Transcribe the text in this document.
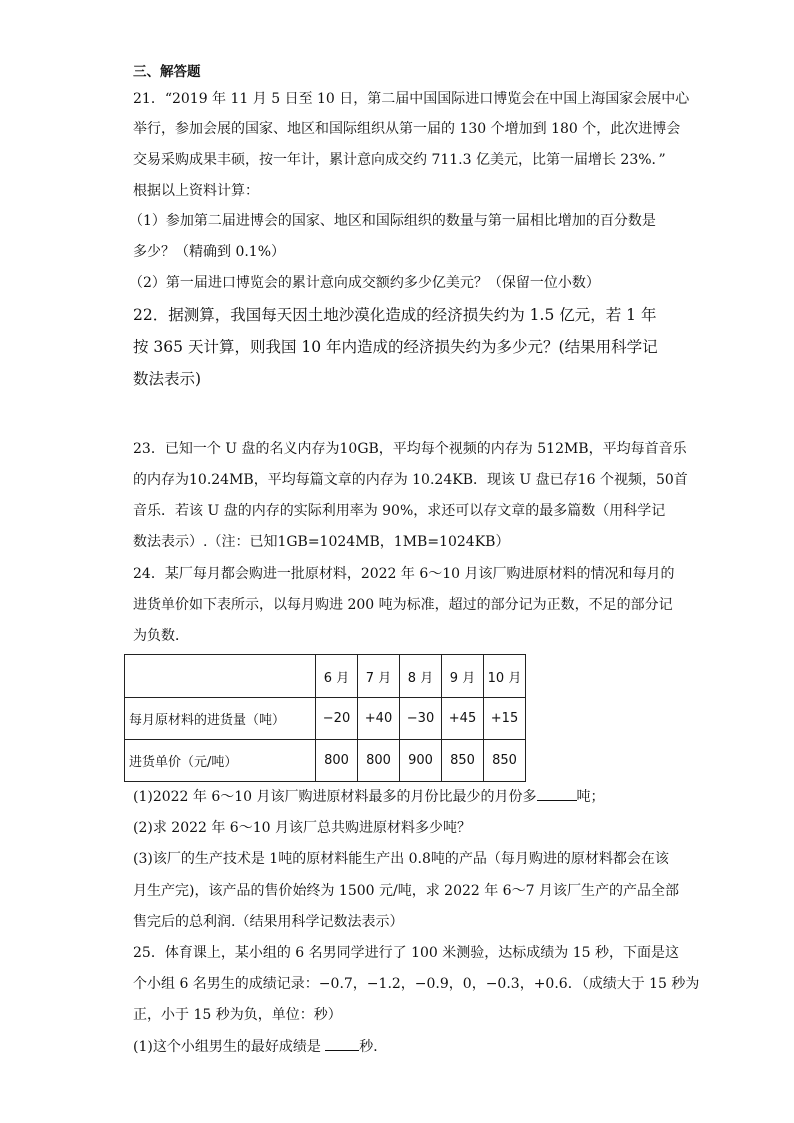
三、解答题
21．“2019 年 11 月 5 日至 10 日，第二届中国国际进口博览会在中国上海国家会展中心
举行，参加会展的国家、地区和国际组织从第一届的 130 个增加到 180 个，此次进博会
交易采购成果丰硕，按一年计，累计意向成交约 711.3 亿美元，比第一届增长 23%．”
根据以上资料计算：
（1）参加第二届进博会的国家、地区和国际组织的数量与第一届相比增加的百分数是
多少？（精确到 0.1%）
（2）第一届进口博览会的累计意向成交额约多少亿美元？（保留一位小数）
22．据测算，我国每天因土地沙漠化造成的经济损失约为 1.5 亿元，若 1 年
按 365 天计算，则我国 10 年内造成的经济损失约为多少元？(结果用科学记
数法表示)
23．已知一个 U 盘的名义内存为10GB，平均每个视频的内存为 512MB，平均每首音乐
的内存为10.24MB，平均每篇文章的内存为 10.24KB．现该 U 盘已存16 个视频，50首
音乐．若该 U 盘的内存的实际利用率为 90%，求还可以存文章的最多篇数（用科学记
数法表示）.（注：已知1GB=1024MB，1MB=1024KB）
24．某厂每月都会购进一批原材料，2022 年 6～10 月该厂购进原材料的情况和每月的
进货单价如下表所示，以每月购进 200 吨为标准，超过的部分记为正数，不足的部分记
为负数．
	6 月	7 月	8 月	9 月	10 月
每月原材料的进货量（吨）	−20	+40	−30	+45	+15
进货单价（元/吨）	800	800	900	850	850
(1)2022 年 6～10 月该厂购进原材料最多的月份比最少的月份多	吨；
(2)求 2022 年 6～10 月该厂总共购进原材料多少吨？
(3)该厂的生产技术是 1吨的原材料能生产出 0.8吨的产品（每月购进的原材料都会在该
月生产完)，该产品的售价始终为 1500 元/吨，求 2022 年 6～7 月该厂生产的产品全部
售完后的总利润.（结果用科学记数法表示）
25．体育课上，某小组的 6 名男同学进行了 100 米测验，达标成绩为 15 秒，下面是这
个小组 6 名男生的成绩记录：−0.7，−1.2，−0.9，0，−0.3，+0.6．（成绩大于 15 秒为
正，小于 15 秒为负，单位：秒）
(1)这个小组男生的最好成绩是 秒．
